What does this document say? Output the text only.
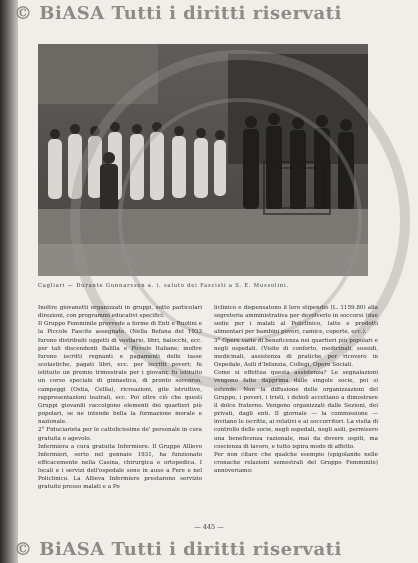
© BiASA Tutti i diritti riservati
Cagliari — Durante Gunnarsson a. i. saluto dei Fascisti a S. E. Mussolini.

Inoltre giovanetti organizzati in gruppi, sotto particolari direzioni, con programmi educativi specifici.

Il Gruppo Femminile provvede a forme di Enti e Ruolini e la Piccole Fascite assegnate. (Nella Befana del 1933 furono distribuiti oggetti di vestiario, libri, balocchi, ecc. per tali discendenti Balilla e Piccole Italiane; inoltre furono iscritti regnanti e pagamenti delle tasse scolastiche, pagati libri, ecc. per iscritti poveri; fu istituito un premio trimestrale per i giovani; fu istituito un corso speciale di ginnastica, di pronto soccorso, campeggi (Ostia, Cellia), ricreazioni, gite istruttive, rappresentazioni teatrali, ecc. Poi oltre ciò che questi Gruppi giovanili raccolgono elementi dei quartieri più popolari, se ne intende bella la formazione morale e nazionale.

2° Fiduciarieta per le cattolicissime de' personale in cura gratuita o agevolo.

Infermiera a cura gratuita Infermiere. Il Gruppo Allievo Infermieri, sorto nel gennaio 1931, ha funzionato efficacemente nella Casina, chirurgica e ortopedica. I locali e i servizi dell'ospedale sono in auso a Fere e nel Policlinico. La Allieva Infermiere prestarono servizio gratuito presso malati e a Po

liclinico e dispensatono il loro stipendio (L. 1159.80) alla segreteria amministrativa per devolverlo in soccorsi (due sedie per i malati al Policlinico, latte e prodotti alimentari per bambini poveri, camice, coperte, ecc.).

3° Opere varie di beneficenza nei quartieri più popolari e negli ospedali. (Visite di conforto, medicinali, sussidi, medicinali, assistenza di pratiche per ricovero in Ospedale, Asili d'Infanzia, Collegi, Opere Sociali.

Come si effettua questa assistenza? Le segnalazioni vengono fatte dapprima dalle singole socie, poi si estende. Non la diffusione delle organizzazioni del Gruppo, i poveri, i tristi, i deboli accettano a dimostrare il dolce fraterno. Vengono organizzati dalle Sezioni, dei privati, dagli enti. Il giornale — la commissione — invitano le iscritte, ai relativi e ai soccorritori. La visita di controllo delle socie, negli ospedali, negli asili, permisero una beneficenza razionale, mai da dovere ospiti, ma coscienza di lavoro, e tutto ispira modo di affetto.

Per non citare che qualche esempio (spigolando nelle cronache relazioni semestrali del Gruppo Femminile) annoveriamo:

— 445 —
© BiASA Tutti i diritti riservati
